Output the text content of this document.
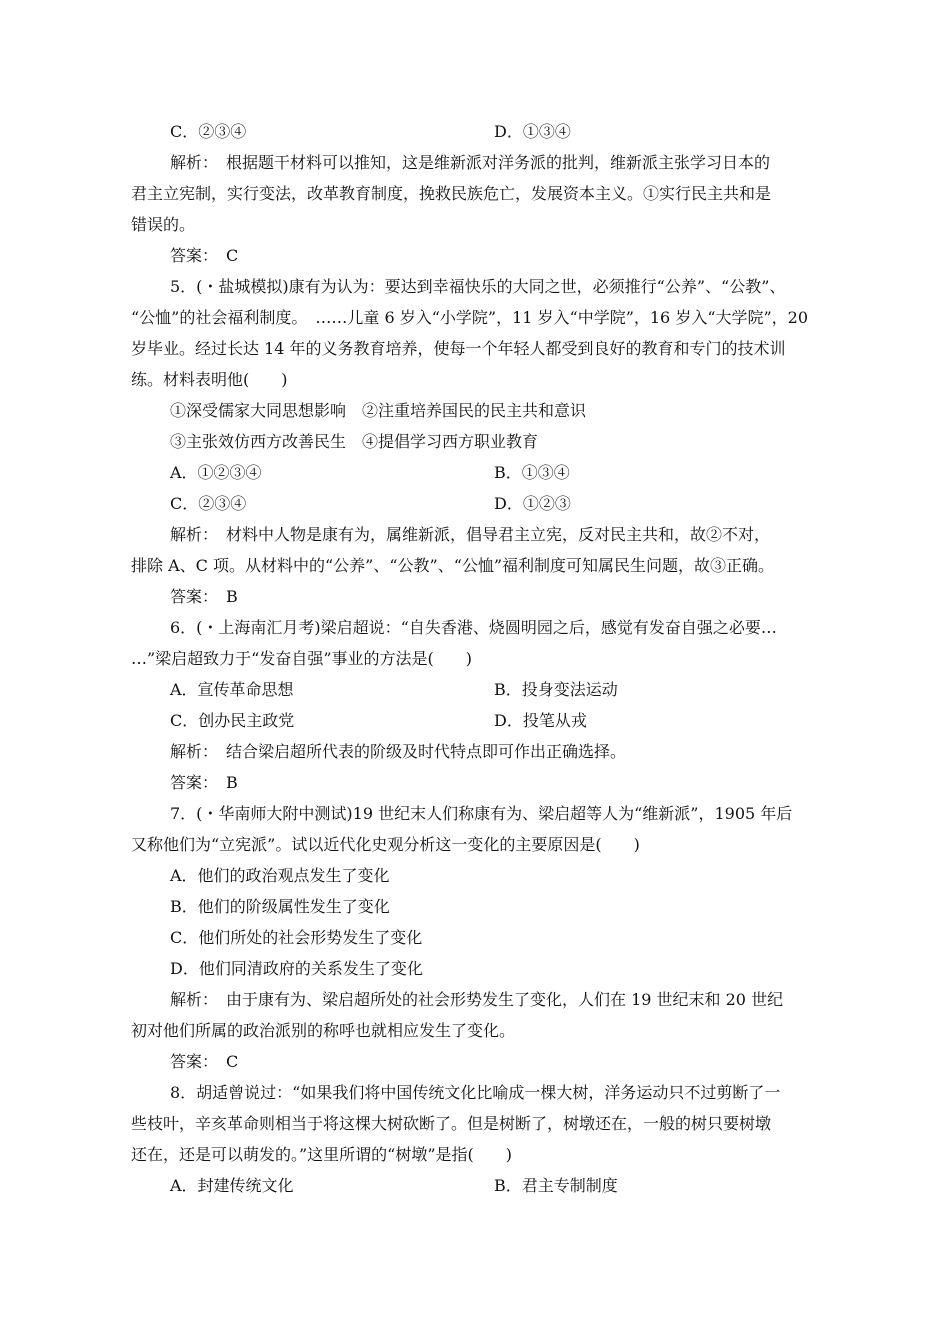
C．②③④	D．①③④
解析：　根据题干材料可以推知，这是维新派对洋务派的批判，维新派主张学习日本的
君主立宪制，实行变法，改革教育制度，挽救民族危亡，发展资本主义。①实行民主共和是
错误的。
答案：　C
5．(・盐城模拟)康有为认为：要达到幸福快乐的大同之世，必须推行“公养”、“公教”、
“公恤”的社会福利制度。　……儿童 6 岁入“小学院”，11 岁入“中学院”，16 岁入“大学院”，20
岁毕业。经过长达 14 年的义务教育培养，使每一个年轻人都受到良好的教育和专门的技术训
练。材料表明他(　　)
①深受儒家大同思想影响　②注重培养国民的民主共和意识
③主张效仿西方改善民生　④提倡学习西方职业教育
A．①②③④	B．①③④
C．②③④	D．①②③
解析：　材料中人物是康有为，属维新派，倡导君主立宪，反对民主共和，故②不对，
排除 A、C 项。从材料中的“公养”、“公教”、“公恤”福利制度可知属民生问题，故③正确。
答案：　B
6．(・上海南汇月考)梁启超说：“自失香港、烧圆明园之后，感觉有发奋自强之必要…
…”梁启超致力于“发奋自强”事业的方法是(　　)
A．宣传革命思想	B．投身变法运动
C．创办民主政党	D．投笔从戎
解析：　结合梁启超所代表的阶级及时代特点即可作出正确选择。
答案：　B
7．(・华南师大附中测试)19 世纪末人们称康有为、梁启超等人为“维新派”，1905 年后
又称他们为“立宪派”。试以近代化史观分析这一变化的主要原因是(　　)
A．他们的政治观点发生了变化
B．他们的阶级属性发生了变化
C．他们所处的社会形势发生了变化
D．他们同清政府的关系发生了变化
解析：　由于康有为、梁启超所处的社会形势发生了变化，人们在 19 世纪末和 20 世纪
初对他们所属的政治派别的称呼也就相应发生了变化。
答案：　C
8．胡适曾说过：“如果我们将中国传统文化比喻成一棵大树，洋务运动只不过剪断了一
些枝叶，辛亥革命则相当于将这棵大树砍断了。但是树断了，树墩还在，一般的树只要树墩
还在，还是可以萌发的。”这里所谓的“树墩”是指(　　)
A．封建传统文化	B．君主专制制度
